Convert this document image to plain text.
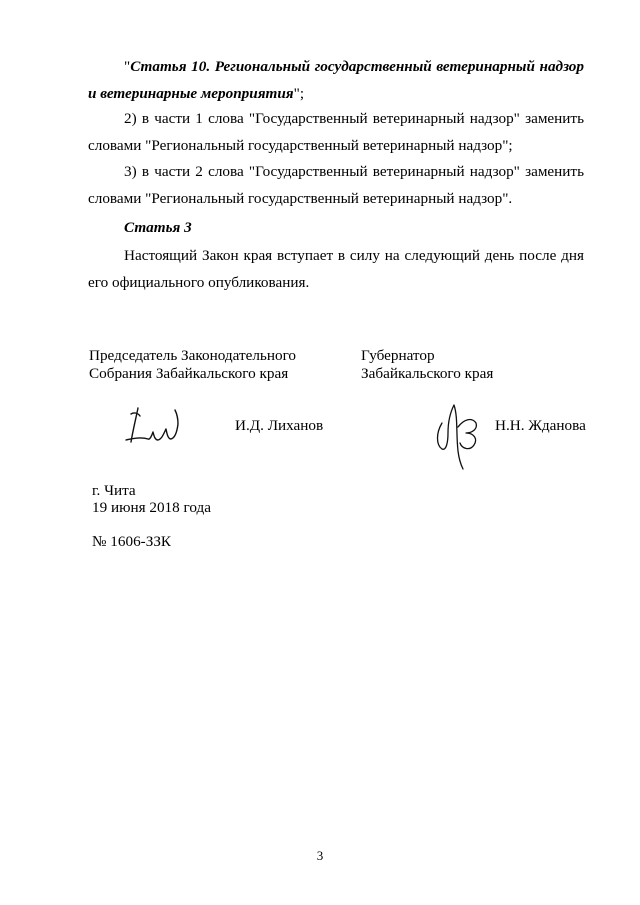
"Статья 10. Региональный государственный ветеринарный надзор и ветеринарные мероприятия";
2) в части 1 слова "Государственный ветеринарный надзор" заменить словами "Региональный государственный ветеринарный надзор";
3) в части 2 слова "Государственный ветеринарный надзор" заменить словами "Региональный государственный ветеринарный надзор".
Статья 3
Настоящий Закон края вступает в силу на следующий день после дня его официального опубликования.
Председатель Законодательного
Собрания Забайкальского края
Губернатор
Забайкальского края
И.Д. Лиханов	Н.Н. Жданова
г. Чита
19 июня 2018 года
№ 1606-ЗЗК
3
